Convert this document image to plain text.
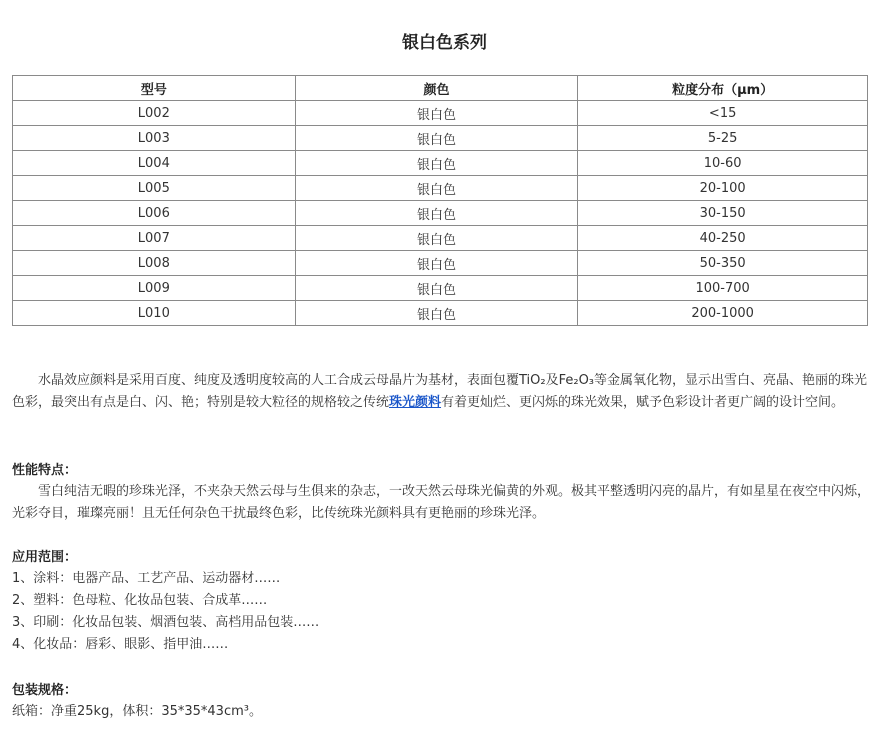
银白色系列
型号	颜色	粒度分布（μm）
L002	银白色	<15
L003	银白色	5-25
L004	银白色	10-60
L005	银白色	20-100
L006	银白色	30-150
L007	银白色	40-250
L008	银白色	50-350
L009	银白色	100-700
L010	银白色	200-1000
水晶效应颜料是采用百度、纯度及透明度较高的人工合成云母晶片为基材，表面包覆TiO₂及Fe₂O₃等金属氧化物，显示出雪白、亮晶、艳丽的珠光色彩，最突出有点是白、闪、艳；特别是较大粒径的规格较之传统珠光颜料有着更灿烂、更闪烁的珠光效果，赋予色彩设计者更广阔的设计空间。
性能特点：
雪白纯洁无暇的珍珠光泽，不夹杂天然云母与生俱来的杂志，一改天然云母珠光偏黄的外观。极其平整透明闪亮的晶片，有如星星在夜空中闪烁，光彩夺目，璀璨亮丽！且无任何杂色干扰最终色彩，比传统珠光颜料具有更艳丽的珍珠光泽。
应用范围：
1、涂料：电器产品、工艺产品、运动器材……
2、塑料：色母粒、化妆品包装、合成革……
3、印刷：化妆品包装、烟酒包装、高档用品包装……
4、化妆品：唇彩、眼影、指甲油……
包装规格：
纸箱：净重25kg，体积：35*35*43cm³。
